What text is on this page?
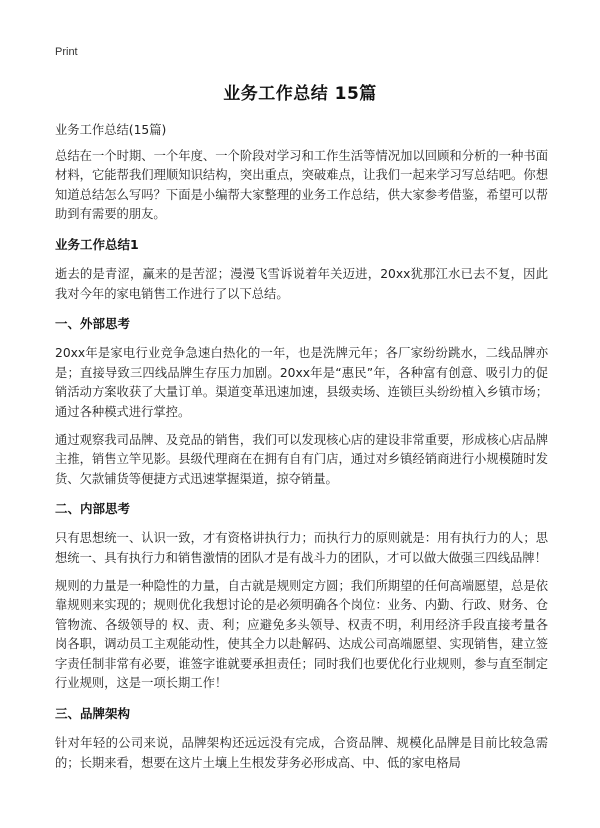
Print
业务工作总结 15篇

业务工作总结(15篇)

总结在一个时期、一个年度、一个阶段对学习和工作生活等情况加以回顾和分析的一种书面材料，它能帮我们理顺知识结构，突出重点，突破难点，让我们一起来学习写总结吧。你想知道总结怎么写吗？下面是小编帮大家整理的业务工作总结，供大家参考借鉴，希望可以帮助到有需要的朋友。

业务工作总结1

逝去的是青涩，赢来的是苦涩；漫漫飞雪诉说着年关迈进，20xx犹那江水已去不复，因此我对今年的家电销售工作进行了以下总结。

一、外部思考

20xx年是家电行业竞争急速白热化的一年，也是洗牌元年；各厂家纷纷跳水，二线品牌亦是；直接导致三四线品牌生存压力加剧。20xx年是“惠民”年，各种富有创意、吸引力的促销活动方案收获了大量订单。渠道变革迅速加速，县级卖场、连锁巨头纷纷植入乡镇市场；通过各种模式进行掌控。

通过观察我司品牌、及竞品的销售，我们可以发现核心店的建设非常重要，形成核心店品牌主推，销售立竿见影。县级代理商在在拥有自有门店，通过对乡镇经销商进行小规模随时发货、欠款铺货等便捷方式迅速掌握渠道，掠夺销量。

二、内部思考

只有思想统一、认识一致，才有资格讲执行力；而执行力的原则就是：用有执行力的人；思想统一、具有执行力和销售激情的团队才是有战斗力的团队，才可以做大做强三四线品牌！

规则的力量是一种隐性的力量，自古就是规则定方圆；我们所期望的任何高端愿望，总是依靠规则来实现的；规则优化我想讨论的是必须明确各个岗位：业务、内勤、行政、财务、仓管物流、各级领导的 权、责、利；应避免多头领导、权责不明，利用经济手段直接考量各岗各职，调动员工主观能动性，使其全力以赴解码、达成公司高端愿望、实现销售，建立签字责任制非常有必要，谁签字谁就要承担责任；同时我们也要优化行业规则，参与直至制定行业规则，这是一项长期工作！

三、品牌架构

针对年轻的公司来说，品牌架构还远远没有完成，合资品牌、规模化品牌是目前比较急需的；长期来看，想要在这片土壤上生根发芽务必形成高、中、低的家电格局
